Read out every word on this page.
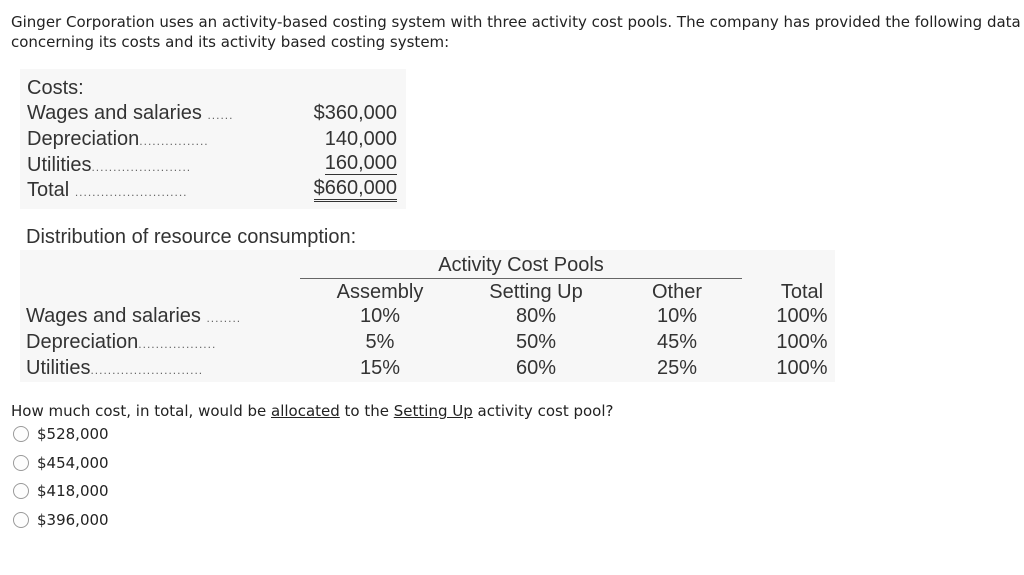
Ginger Corporation uses an activity-based costing system with three activity cost pools. The company has provided the following data concerning its costs and its activity based costing system:
Costs:
Wages and salaries ......	$360,000
Depreciation................	140,000
Utilities.......................	160,000
Total ..........................	$660,000
Distribution of resource consumption:
Activity Cost Pools
Assembly	Setting Up	Other	Total
Wages and salaries ........	10%	80%	10%	100%
Depreciation..................	5%	50%	45%	100%
Utilities..........................	15%	60%	25%	100%
How much cost, in total, would be allocated to the Setting Up activity cost pool?
$528,000
$454,000
$418,000
$396,000
